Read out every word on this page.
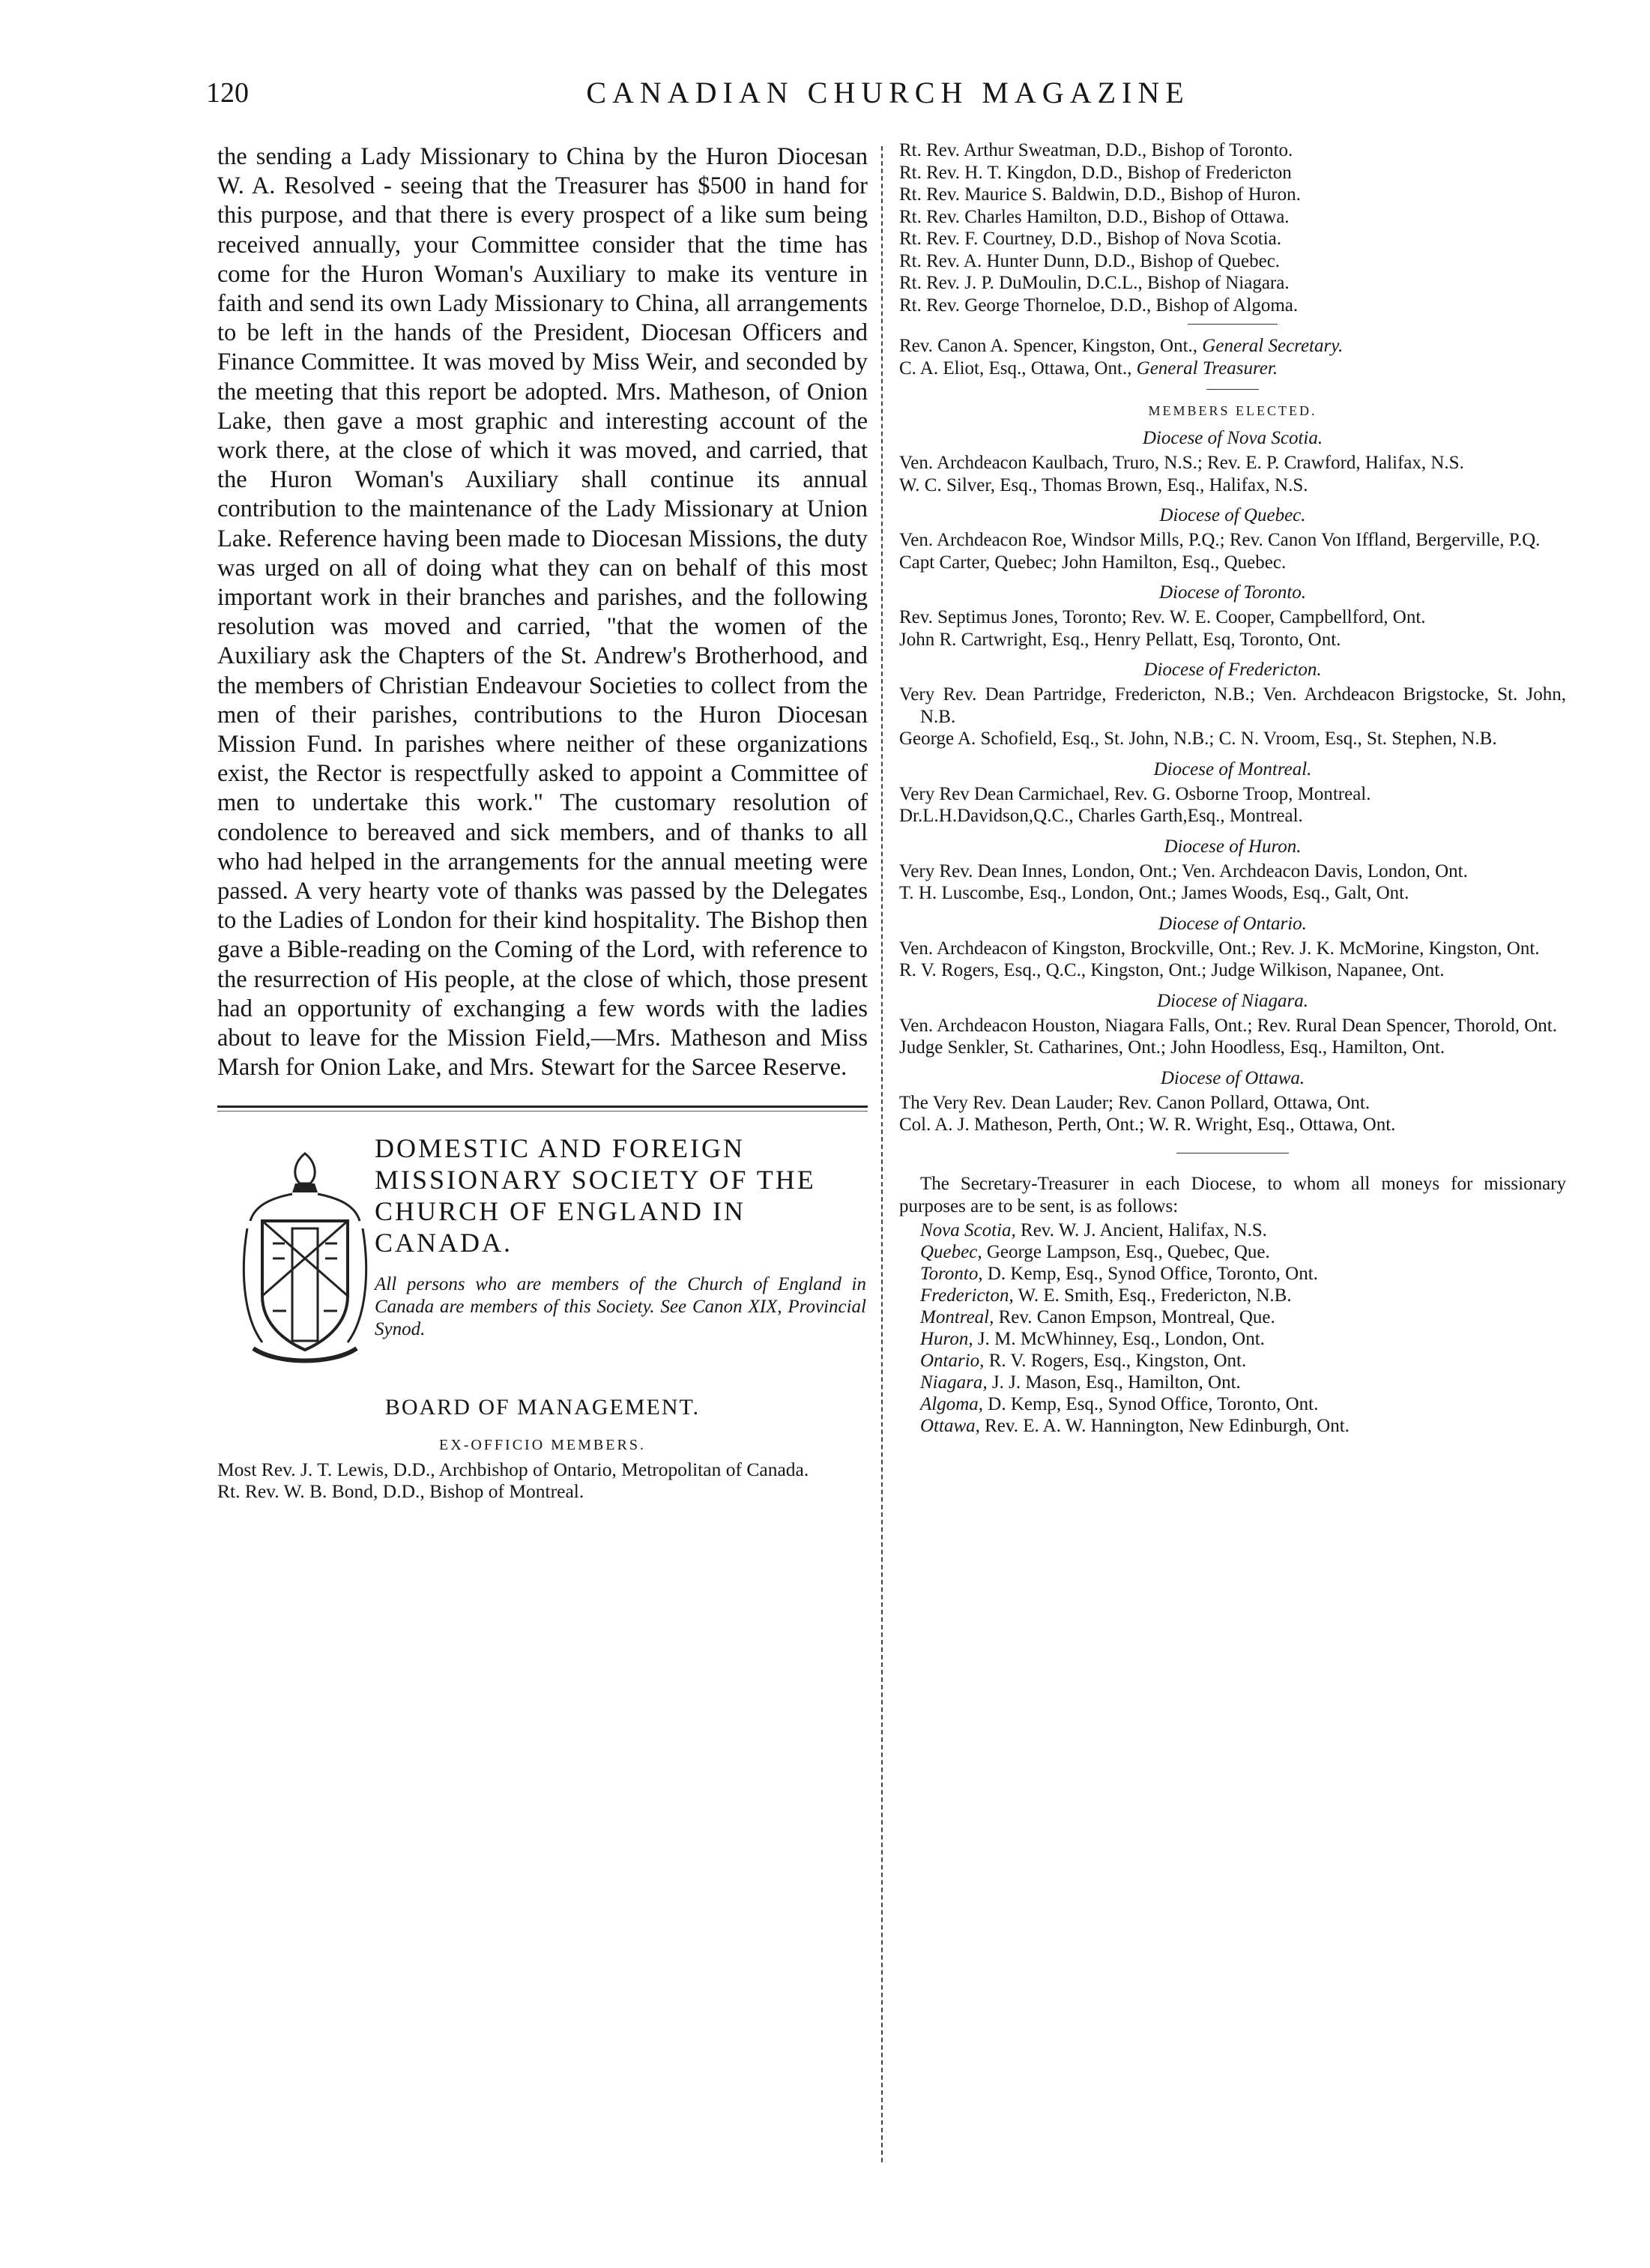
120	CANADIAN CHURCH MAGAZINE

the sending a Lady Missionary to China by the Huron Diocesan W. A. Resolved - seeing that the Treasurer has $500 in hand for this purpose, and that there is every prospect of a like sum being received annually, your Committee consider that the time has come for the Huron Woman's Auxiliary to make its venture in faith and send its own Lady Missionary to China, all arrangements to be left in the hands of the President, Diocesan Officers and Finance Committee. It was moved by Miss Weir, and seconded by the meeting that this report be adopted. Mrs. Matheson, of Onion Lake, then gave a most graphic and interesting account of the work there, at the close of which it was moved, and carried, that the Huron Woman's Auxiliary shall continue its annual contribution to the maintenance of the Lady Missionary at Union Lake. Reference having been made to Diocesan Missions, the duty was urged on all of doing what they can on behalf of this most important work in their branches and parishes, and the following resolution was moved and carried, "that the women of the Auxiliary ask the Chapters of the St. Andrew's Brotherhood, and the members of Christian Endeavour Societies to collect from the men of their parishes, contributions to the Huron Diocesan Mission Fund. In parishes where neither of these organizations exist, the Rector is respectfully asked to appoint a Committee of men to undertake this work." The customary resolution of condolence to bereaved and sick members, and of thanks to all who had helped in the arrangements for the annual meeting were passed. A very hearty vote of thanks was passed by the Delegates to the Ladies of London for their kind hospitality. The Bishop then gave a Bible-reading on the Coming of the Lord, with reference to the resurrection of His people, at the close of which, those present had an opportunity of exchanging a few words with the ladies about to leave for the Mission Field,—Mrs. Matheson and Miss Marsh for Onion Lake, and Mrs. Stewart for the Sarcee Reserve.

DOMESTIC AND FOREIGN MISSIONARY SOCIETY OF THE CHURCH OF ENGLAND IN CANADA.
All persons who are members of the Church of England in Canada are members of this Society. See Canon XIX, Provincial Synod.
BOARD OF MANAGEMENT.
EX-OFFICIO MEMBERS.
Most Rev. J. T. Lewis, D.D., Archbishop of Ontario, Metropolitan of Canada.
Rt. Rev. W. B. Bond, D.D., Bishop of Montreal.
Rt. Rev. Arthur Sweatman, D.D., Bishop of Toronto.
Rt. Rev. H. T. Kingdon, D.D., Bishop of Fredericton
Rt. Rev. Maurice S. Baldwin, D.D., Bishop of Huron.
Rt. Rev. Charles Hamilton, D.D., Bishop of Ottawa.
Rt. Rev. F. Courtney, D.D., Bishop of Nova Scotia.
Rt. Rev. A. Hunter Dunn, D.D., Bishop of Quebec.
Rt. Rev. J. P. DuMoulin, D.C.L., Bishop of Niagara.
Rt. Rev. George Thorneloe, D.D., Bishop of Algoma.

Rev. Canon A. Spencer, Kingston, Ont., General Secretary.

C. A. Eliot, Esq., Ottawa, Ont., General Treasurer.

MEMBERS ELECTED.
Diocese of Nova Scotia.
Ven. Archdeacon Kaulbach, Truro, N.S.; Rev. E. P. Crawford, Halifax, N.S.
W. C. Silver, Esq., Thomas Brown, Esq., Halifax, N.S.
Diocese of Quebec.
Ven. Archdeacon Roe, Windsor Mills, P.Q.; Rev. Canon Von Iffland, Bergerville, P.Q.
Capt Carter, Quebec; John Hamilton, Esq., Quebec.
Diocese of Toronto.
Rev. Septimus Jones, Toronto; Rev. W. E. Cooper, Campbellford, Ont.
John R. Cartwright, Esq., Henry Pellatt, Esq, Toronto, Ont.
Diocese of Fredericton.
Very Rev. Dean Partridge, Fredericton, N.B.; Ven. Archdeacon Brigstocke, St. John, N.B.
George A. Schofield, Esq., St. John, N.B.; C. N. Vroom, Esq., St. Stephen, N.B.
Diocese of Montreal.
Very Rev Dean Carmichael, Rev. G. Osborne Troop, Montreal.
Dr.L.H.Davidson,Q.C., Charles Garth,Esq., Montreal.
Diocese of Huron.
Very Rev. Dean Innes, London, Ont.; Ven. Archdeacon Davis, London, Ont.
T. H. Luscombe, Esq., London, Ont.; James Woods, Esq., Galt, Ont.
Diocese of Ontario.
Ven. Archdeacon of Kingston, Brockville, Ont.; Rev. J. K. McMorine, Kingston, Ont.
R. V. Rogers, Esq., Q.C., Kingston, Ont.; Judge Wilkison, Napanee, Ont.
Diocese of Niagara.
Ven. Archdeacon Houston, Niagara Falls, Ont.; Rev. Rural Dean Spencer, Thorold, Ont.
Judge Senkler, St. Catharines, Ont.; John Hoodless, Esq., Hamilton, Ont.
Diocese of Ottawa.
The Very Rev. Dean Lauder; Rev. Canon Pollard, Ottawa, Ont.
Col. A. J. Matheson, Perth, Ont.; W. R. Wright, Esq., Ottawa, Ont.

The Secretary-Treasurer in each Diocese, to whom all moneys for missionary purposes are to be sent, is as follows:

Nova Scotia, Rev. W. J. Ancient, Halifax, N.S.
Quebec, George Lampson, Esq., Quebec, Que.
Toronto, D. Kemp, Esq., Synod Office, Toronto, Ont.
Fredericton, W. E. Smith, Esq., Fredericton, N.B.
Montreal, Rev. Canon Empson, Montreal, Que.
Huron, J. M. McWhinney, Esq., London, Ont.
Ontario, R. V. Rogers, Esq., Kingston, Ont.
Niagara, J. J. Mason, Esq., Hamilton, Ont.
Algoma, D. Kemp, Esq., Synod Office, Toronto, Ont.
Ottawa, Rev. E. A. W. Hannington, New Edinburgh, Ont.
